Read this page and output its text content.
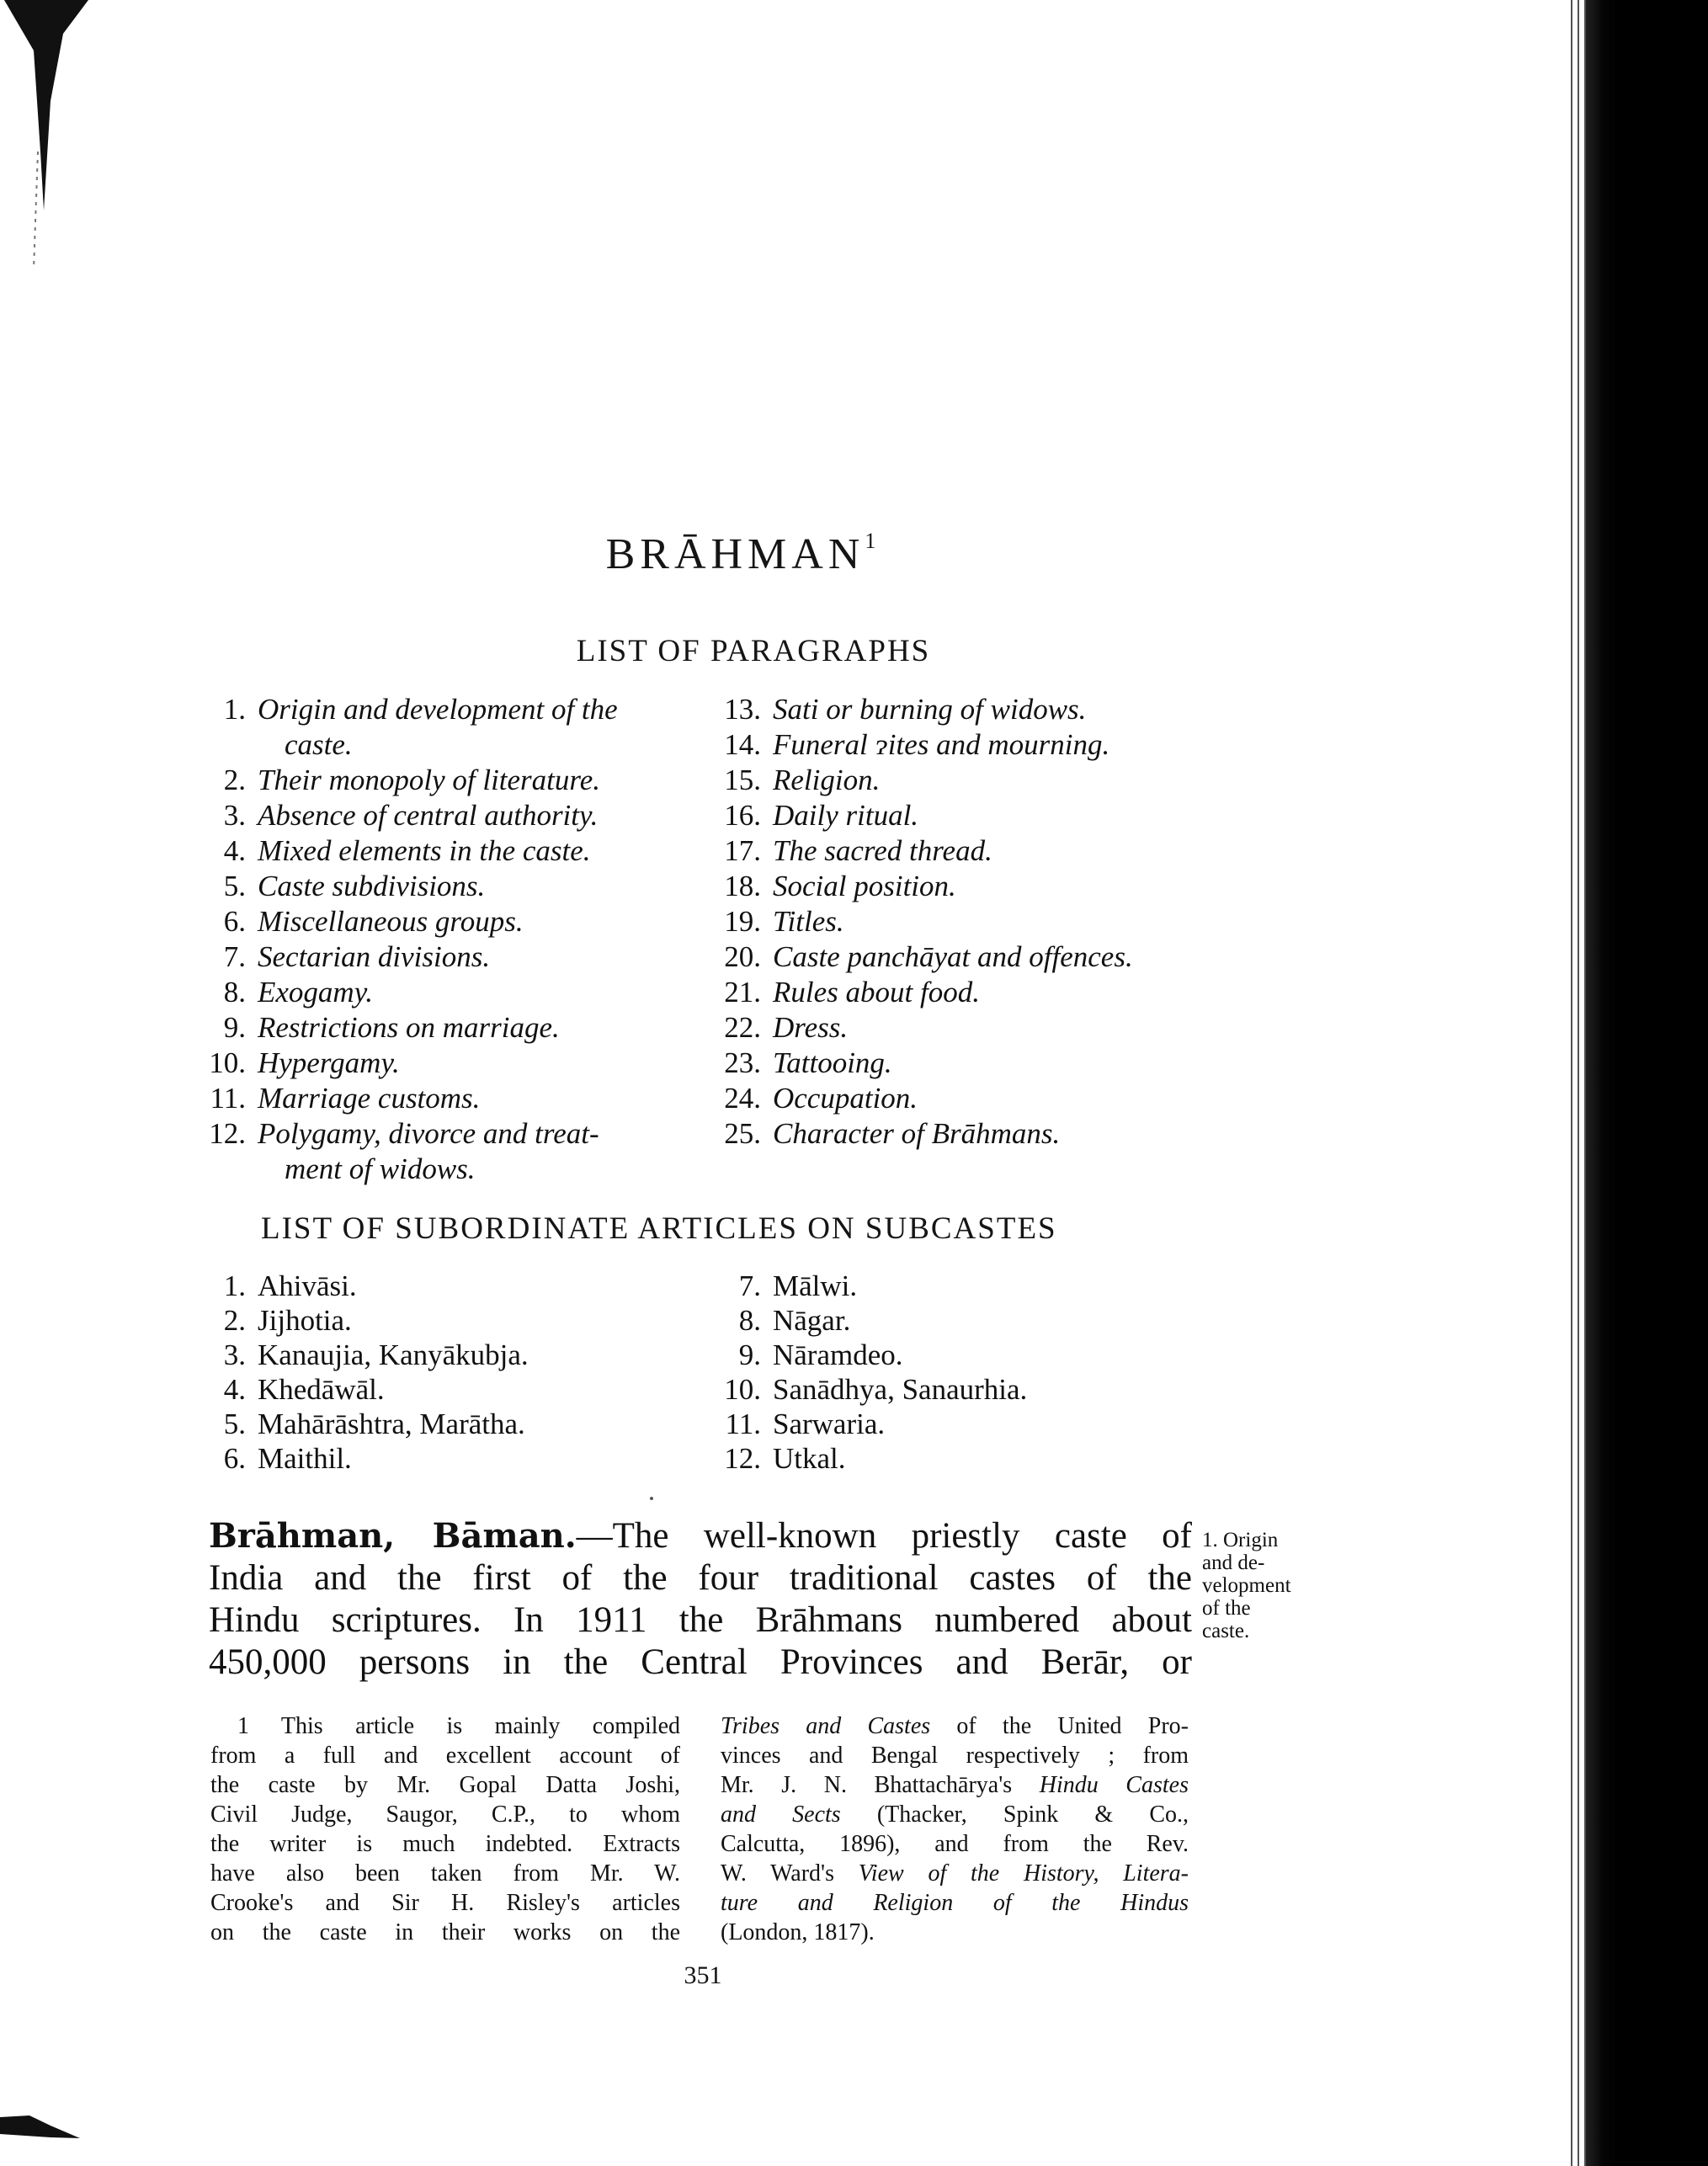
BRĀHMAN$^1$
LIST OF PARAGRAPHS
1. Origin and development of the
caste.
2. Their monopoly of literature.
3. Absence of central authority.
4. Mixed elements in the caste.
5. Caste subdivisions.
6. Miscellaneous groups.
7. Sectarian divisions.
8. Exogamy.
9. Restrictions on marriage.
10. Hypergamy.
11. Marriage customs.
12. Polygamy, divorce and treat-
ment of widows.
13. Sati or burning of widows.
14. Funeral ɂites and mourning.
15. Religion.
16. Daily ritual.
17. The sacred thread.
18. Social position.
19. Titles.
20. Caste panchāyat and offences.
21. Rules about food.
22. Dress.
23. Tattooing.
24. Occupation.
25. Character of Brāhmans.
LIST OF SUBORDINATE ARTICLES ON SUBCASTES
1. Ahivāsi.
2. Jijhotia.
3. Kanaujia, Kanyākubja.
4. Khedāwāl.
5. Mahārāshtra, Marātha.
6. Maithil.
7. Mālwi.
8. Nāgar.
9. Nāramdeo.
10. Sanādhya, Sanaurhia.
11. Sarwaria.
12. Utkal.
Brāhman, Bāman.—The well-known priestly caste of
India and the first of the four traditional castes of the
Hindu scriptures. In 1911 the Brāhmans numbered about
450,000 persons in the Central Provinces and Berār, or
1. Origin
and de-
velopment
of the
caste.
1 This article is mainly compiled
from a full and excellent account of
the caste by Mr. Gopal Datta Joshi,
Civil Judge, Saugor, C.P., to whom
the writer is much indebted. Extracts
have also been taken from Mr. W.
Crooke's and Sir H. Risley's articles
on the caste in their works on the
Tribes and Castes of the United Pro-
vinces and Bengal respectively ; from
Mr. J. N. Bhattachārya's Hindu Castes
and Sects (Thacker, Spink & Co.,
Calcutta, 1896), and from the Rev.
W. Ward's View of the History, Litera-
ture and Religion of the Hindus
(London, 1817).
351
